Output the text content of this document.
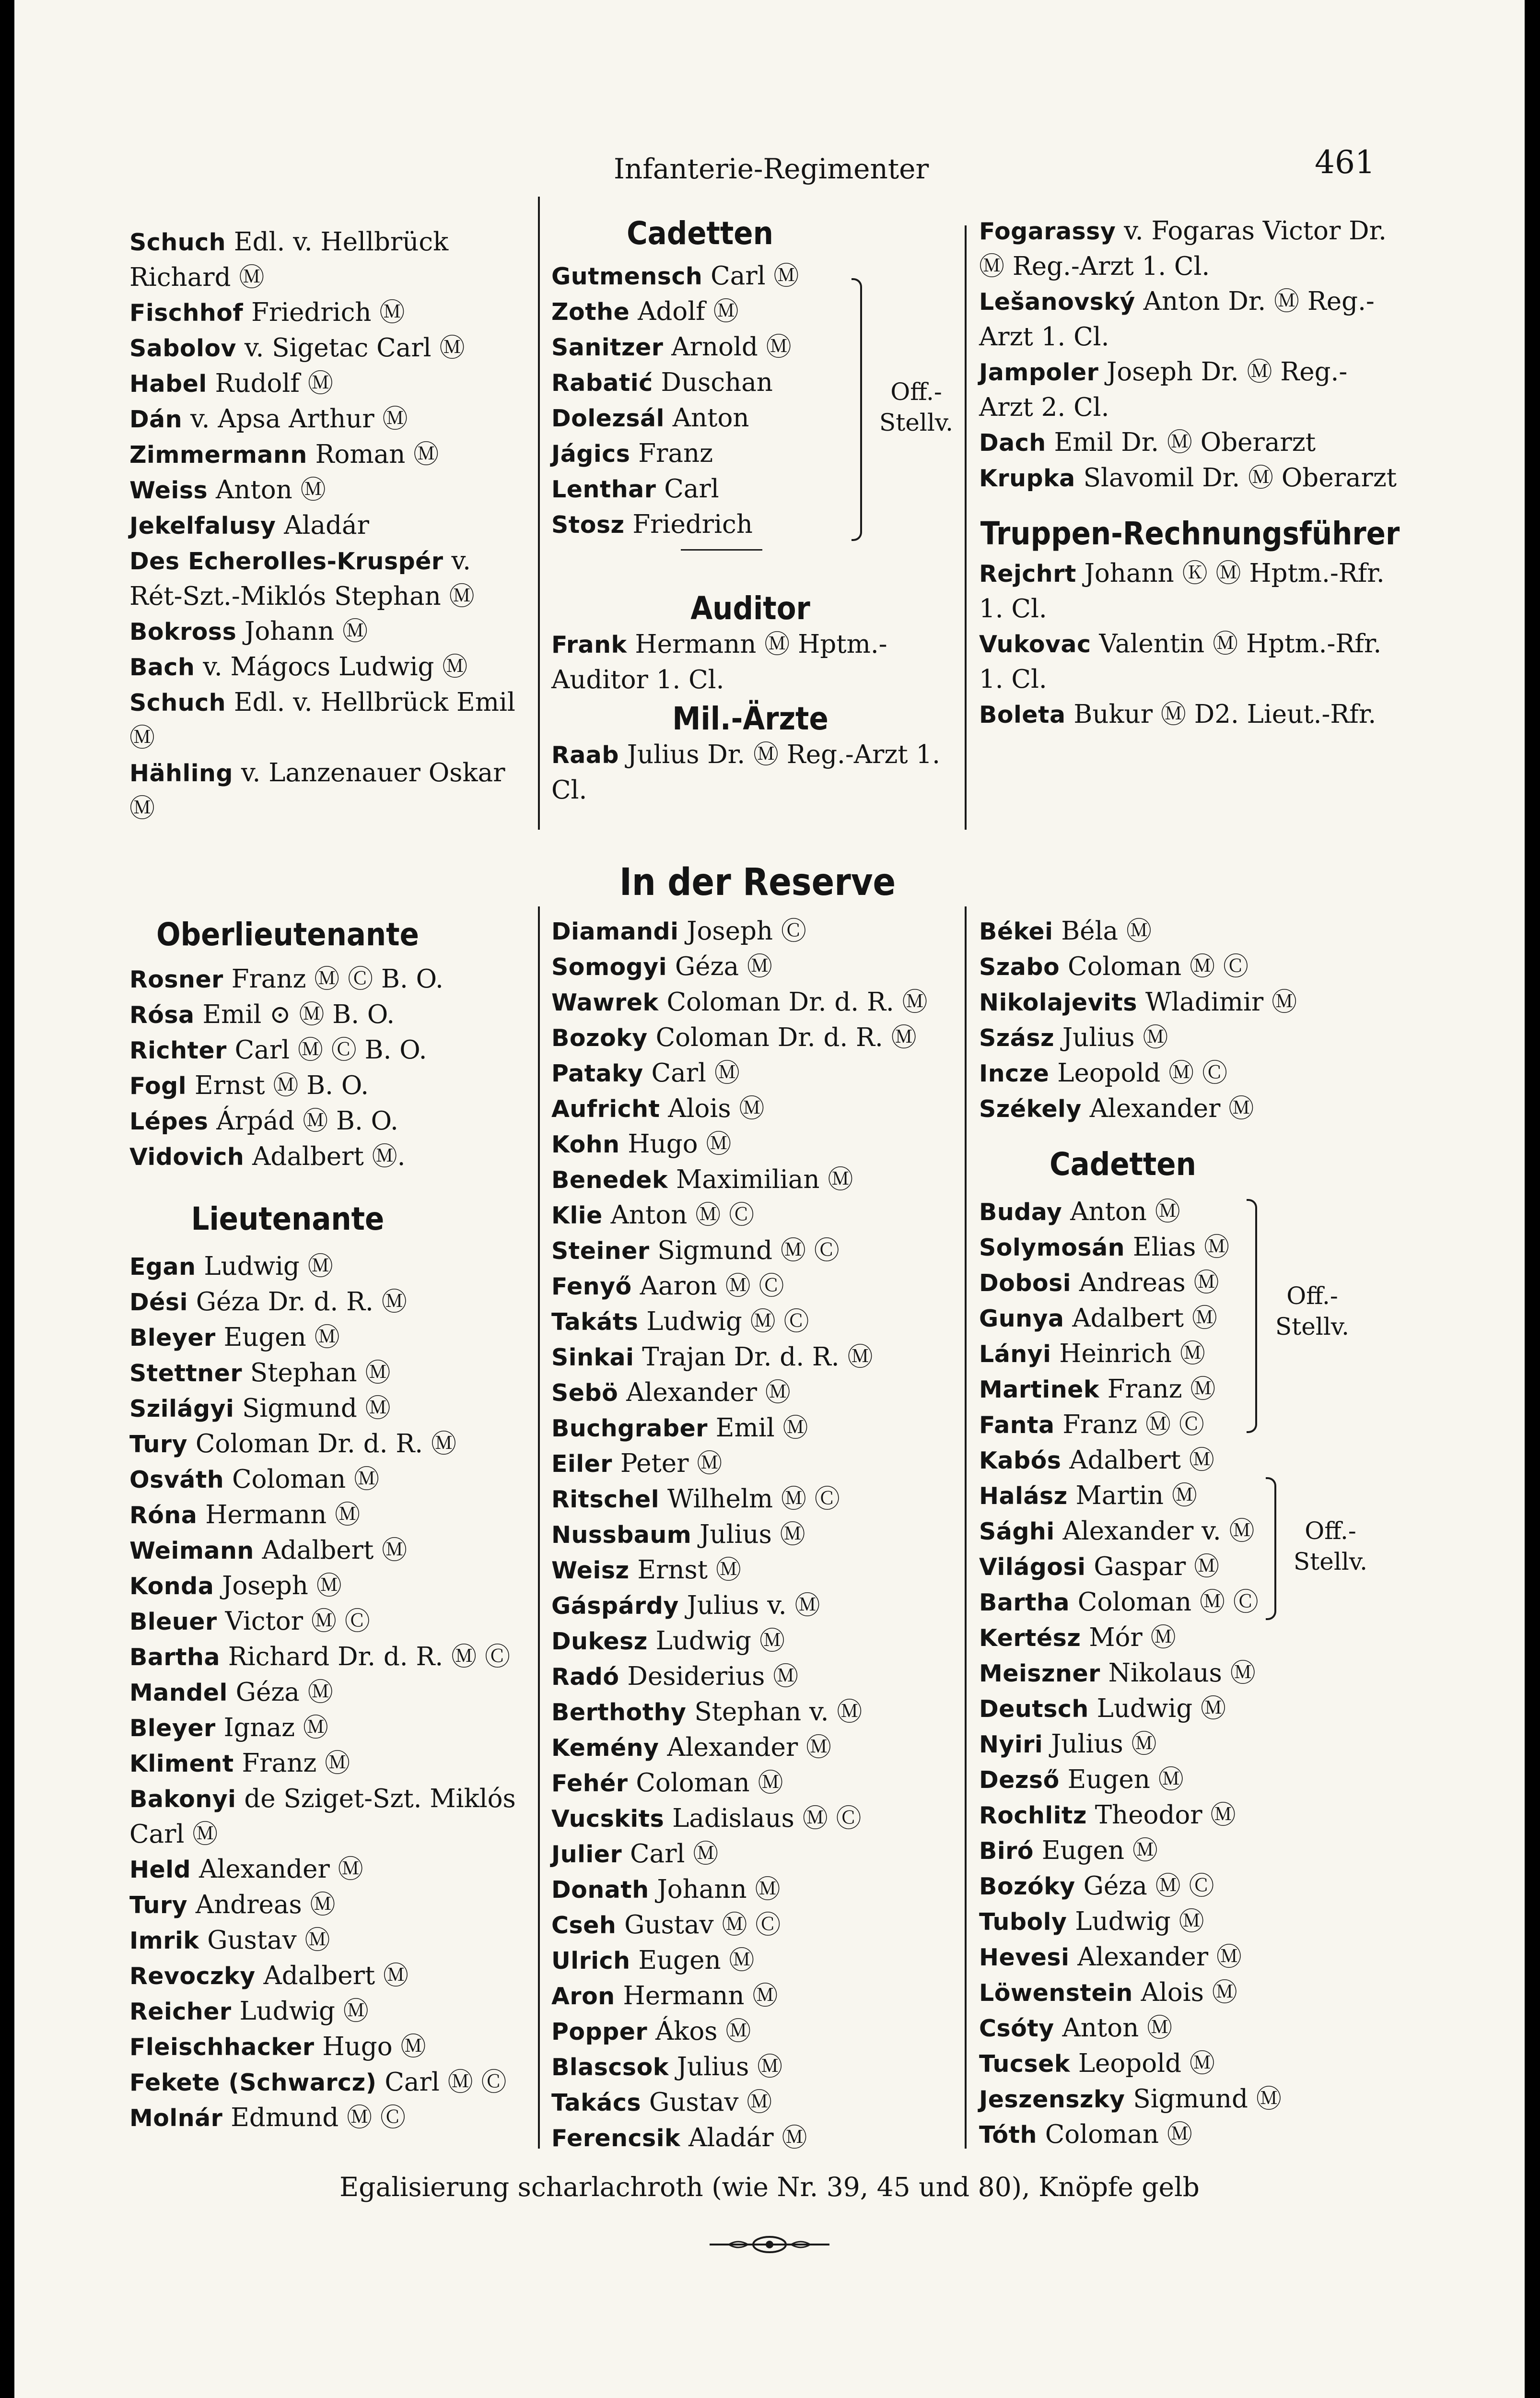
Infanterie-Regimenter	461
Schuch Edl. v. Hellbrück Richard Ⓜ
Fischhof Friedrich Ⓜ
Sabolov v. Sigetac Carl Ⓜ
Habel Rudolf Ⓜ
Dán v. Apsa Arthur Ⓜ
Zimmermann Roman Ⓜ
Weiss Anton Ⓜ
Jekelfalusy Aladár
Des Echerolles-Kruspér v. Rét-Szt.-Miklós Stephan Ⓜ
Bokross Johann Ⓜ
Bach v. Mágocs Ludwig Ⓜ
Schuch Edl. v. Hellbrück Emil Ⓜ
Hähling v. Lanzenauer Oskar Ⓜ
Cadetten
Gutmensch Carl Ⓜ
Zothe Adolf Ⓜ
Sanitzer Arnold Ⓜ
Rabatić Duschan
Dolezsál Anton
Jágics Franz
Lenthar Carl
Stosz Friedrich
Off.-Stellv.
Auditor
Frank Hermann Ⓜ Hptm.-Auditor 1. Cl.
Mil.-Ärzte
Raab Julius Dr. Ⓜ Reg.-Arzt 1. Cl.
Fogarassy v. Fogaras Victor Dr. Ⓜ Reg.-Arzt 1. Cl.
Lešanovský Anton Dr. Ⓜ Reg.-Arzt 1. Cl.
Jampoler Joseph Dr. Ⓜ Reg.-Arzt 2. Cl.
Dach Emil Dr. Ⓜ Oberarzt
Krupka Slavomil Dr. Ⓜ Oberarzt
Truppen-Rechnungsführer
Rejchrt Johann Ⓚ Ⓜ Hptm.-Rfr. 1. Cl.
Vukovac Valentin Ⓜ Hptm.-Rfr. 1. Cl.
Boleta Bukur Ⓜ D2. Lieut.-Rfr.
In der Reserve
Oberlieutenante
Rosner Franz Ⓜ Ⓒ B. O.
Rósa Emil ⊙ Ⓜ B. O.
Richter Carl Ⓜ Ⓒ B. O.
Fogl Ernst Ⓜ B. O.
Lépes Árpád Ⓜ B. O.
Vidovich Adalbert Ⓜ.
Lieutenante
Egan Ludwig Ⓜ
Dési Géza Dr. d. R. Ⓜ
Bleyer Eugen Ⓜ
Stettner Stephan Ⓜ
Szilágyi Sigmund Ⓜ
Tury Coloman Dr. d. R. Ⓜ
Osváth Coloman Ⓜ
Róna Hermann Ⓜ
Weimann Adalbert Ⓜ
Konda Joseph Ⓜ
Bleuer Victor Ⓜ Ⓒ
Bartha Richard Dr. d. R. Ⓜ Ⓒ
Mandel Géza Ⓜ
Bleyer Ignaz Ⓜ
Kliment Franz Ⓜ
Bakonyi de Sziget-Szt. Miklós Carl Ⓜ
Held Alexander Ⓜ
Tury Andreas Ⓜ
Imrik Gustav Ⓜ
Revoczky Adalbert Ⓜ
Reicher Ludwig Ⓜ
Fleischhacker Hugo Ⓜ
Fekete (Schwarcz) Carl Ⓜ Ⓒ
Molnár Edmund Ⓜ Ⓒ
Diamandi Joseph Ⓒ
Somogyi Géza Ⓜ
Wawrek Coloman Dr. d. R. Ⓜ
Bozoky Coloman Dr. d. R. Ⓜ
Pataky Carl Ⓜ
Aufricht Alois Ⓜ
Kohn Hugo Ⓜ
Benedek Maximilian Ⓜ
Klie Anton Ⓜ Ⓒ
Steiner Sigmund Ⓜ Ⓒ
Fenyő Aaron Ⓜ Ⓒ
Takáts Ludwig Ⓜ Ⓒ
Sinkai Trajan Dr. d. R. Ⓜ
Sebö Alexander Ⓜ
Buchgraber Emil Ⓜ
Eiler Peter Ⓜ
Ritschel Wilhelm Ⓜ Ⓒ
Nussbaum Julius Ⓜ
Weisz Ernst Ⓜ
Gáspárdy Julius v. Ⓜ
Dukesz Ludwig Ⓜ
Radó Desiderius Ⓜ
Berthothy Stephan v. Ⓜ
Kemény Alexander Ⓜ
Fehér Coloman Ⓜ
Vucskits Ladislaus Ⓜ Ⓒ
Julier Carl Ⓜ
Donath Johann Ⓜ
Cseh Gustav Ⓜ Ⓒ
Ulrich Eugen Ⓜ
Aron Hermann Ⓜ
Popper Ákos Ⓜ
Blascsok Julius Ⓜ
Takács Gustav Ⓜ
Ferencsik Aladár Ⓜ
Békei Béla Ⓜ
Szabo Coloman Ⓜ Ⓒ
Nikolajevits Wladimir Ⓜ
Szász Julius Ⓜ
Incze Leopold Ⓜ Ⓒ
Székely Alexander Ⓜ
Cadetten
Buday Anton Ⓜ
Solymosán Elias Ⓜ
Dobosi Andreas Ⓜ
Gunya Adalbert Ⓜ
Lányi Heinrich Ⓜ
Martinek Franz Ⓜ
Fanta Franz Ⓜ Ⓒ
Kabós Adalbert Ⓜ
Halász Martin Ⓜ
Sághi Alexander v. Ⓜ
Világosi Gaspar Ⓜ
Bartha Coloman Ⓜ Ⓒ
Kertész Mór Ⓜ
Meiszner Nikolaus Ⓜ
Deutsch Ludwig Ⓜ
Nyiri Julius Ⓜ
Dezső Eugen Ⓜ
Rochlitz Theodor Ⓜ
Biró Eugen Ⓜ
Bozóky Géza Ⓜ Ⓒ
Tuboly Ludwig Ⓜ
Hevesi Alexander Ⓜ
Löwenstein Alois Ⓜ
Csóty Anton Ⓜ
Tucsek Leopold Ⓜ
Jeszenszky Sigmund Ⓜ
Tóth Coloman Ⓜ
Off.-Stellv.
Off.-Stellv.
Egalisierung scharlachroth (wie Nr. 39, 45 und 80), Knöpfe gelb
